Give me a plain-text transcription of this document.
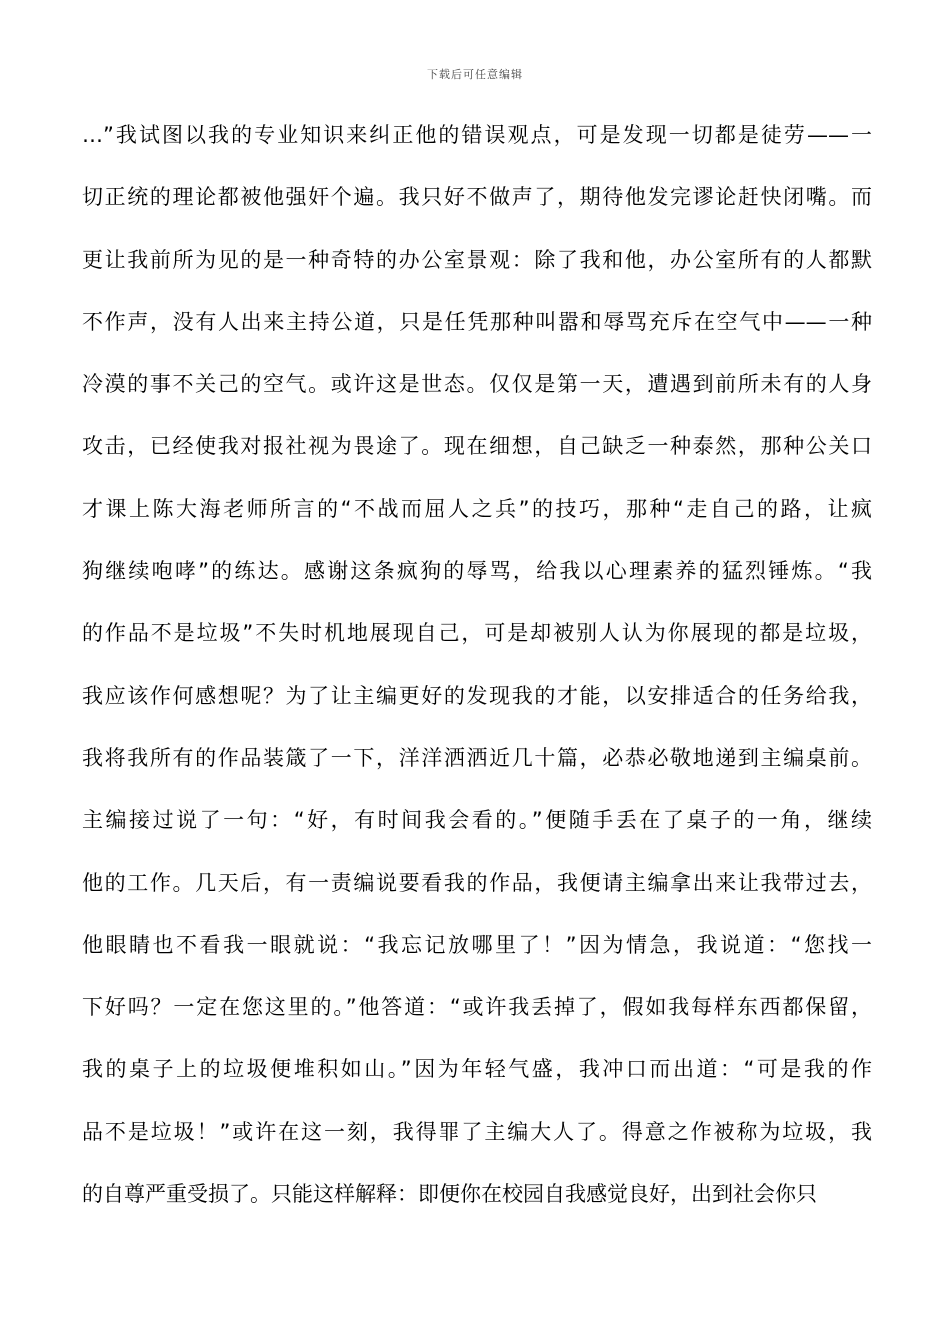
下载后可任意编辑
…”我试图以我的专业知识来纠正他的错误观点，可是发现一切都是徒劳——一
切正统的理论都被他强奸个遍。我只好不做声了，期待他发完谬论赶快闭嘴。而
更让我前所为见的是一种奇特的办公室景观：除了我和他，办公室所有的人都默
不作声，没有人出来主持公道，只是任凭那种叫嚣和辱骂充斥在空气中——一种
冷漠的事不关己的空气。或许这是世态。仅仅是第一天，遭遇到前所未有的人身
攻击，已经使我对报社视为畏途了。现在细想，自己缺乏一种泰然，那种公关口
才课上陈大海老师所言的“不战而屈人之兵”的技巧，那种“走自己的路，让疯
狗继续咆哮”的练达。感谢这条疯狗的辱骂，给我以心理素养的猛烈锤炼。“我
的作品不是垃圾”不失时机地展现自己，可是却被别人认为你展现的都是垃圾，
我应该作何感想呢？为了让主编更好的发现我的才能，以安排适合的任务给我，
我将我所有的作品装箴了一下，洋洋洒洒近几十篇，必恭必敬地递到主编桌前。
主编接过说了一句：“好，有时间我会看的。”便随手丢在了桌子的一角，继续
他的工作。几天后，有一责编说要看我的作品，我便请主编拿出来让我带过去，
他眼睛也不看我一眼就说：“我忘记放哪里了！”因为情急，我说道：“您找一
下好吗？一定在您这里的。”他答道：“或许我丢掉了，假如我每样东西都保留，
我的桌子上的垃圾便堆积如山。”因为年轻气盛，我冲口而出道：“可是我的作
品不是垃圾！”或许在这一刻，我得罪了主编大人了。得意之作被称为垃圾，我
的自尊严重受损了。只能这样解释：即便你在校园自我感觉良好，出到社会你只
